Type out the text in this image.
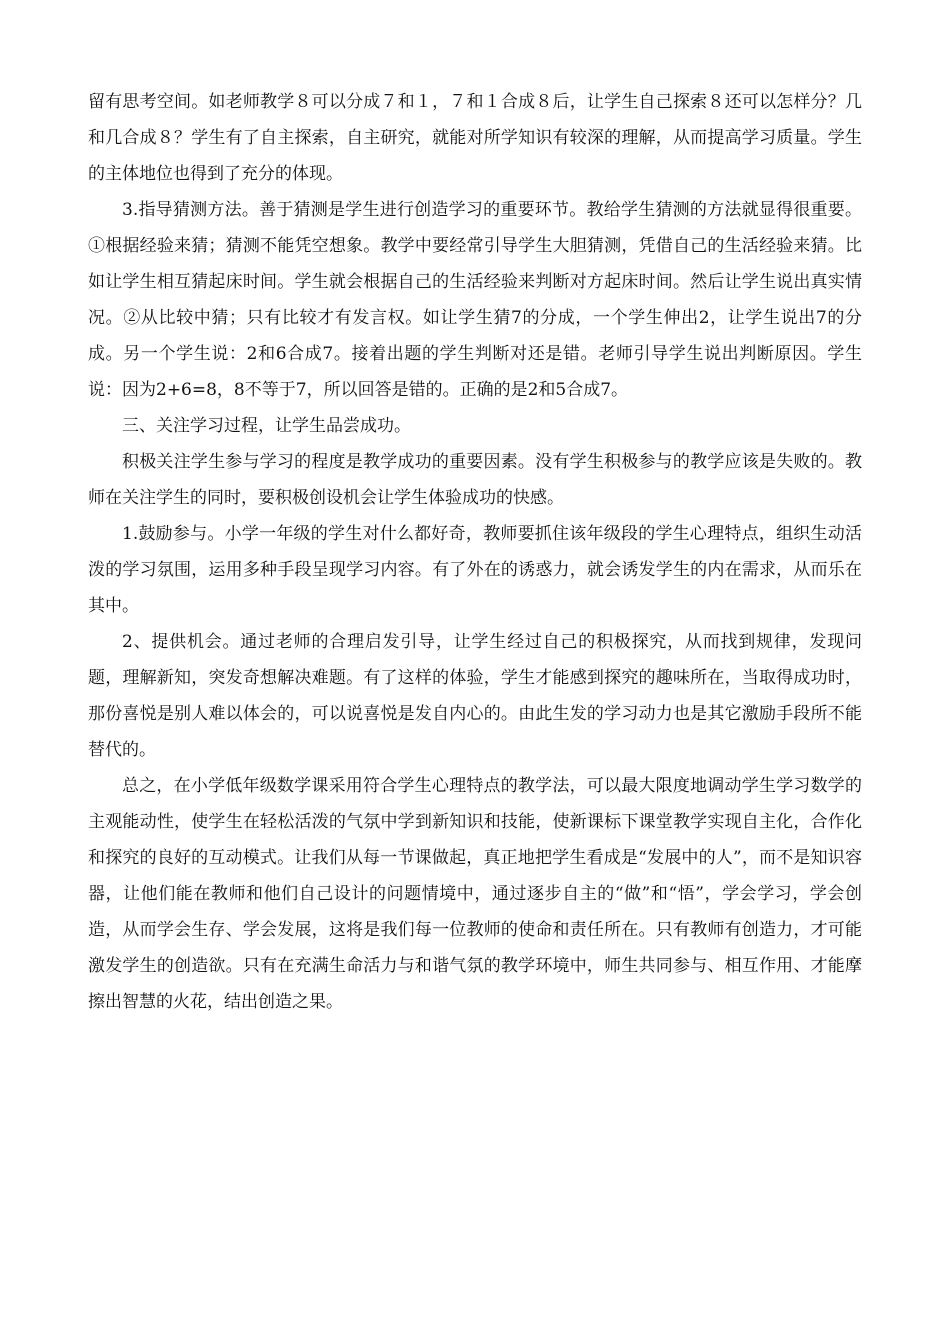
留有思考空间。如老师教学８可以分成７和１，７和１合成８后，让学生自己探索８还可以怎样分？几和几合成８？学生有了自主探索，自主研究，就能对所学知识有较深的理解，从而提高学习质量。学生的主体地位也得到了充分的体现。

3.指导猜测方法。善于猜测是学生进行创造学习的重要环节。教给学生猜测的方法就显得很重要。①根据经验来猜；猜测不能凭空想象。教学中要经常引导学生大胆猜测，凭借自己的生活经验来猜。比如让学生相互猜起床时间。学生就会根据自己的生活经验来判断对方起床时间。然后让学生说出真实情况。②从比较中猜；只有比较才有发言权。如让学生猜7的分成，一个学生伸出2，让学生说出7的分成。另一个学生说：2和6合成7。接着出题的学生判断对还是错。老师引导学生说出判断原因。学生说：因为2+6=8，8不等于7，所以回答是错的。正确的是2和5合成7。

三、关注学习过程，让学生品尝成功。

积极关注学生参与学习的程度是教学成功的重要因素。没有学生积极参与的教学应该是失败的。教师在关注学生的同时，要积极创设机会让学生体验成功的快感。

1.鼓励参与。小学一年级的学生对什么都好奇，教师要抓住该年级段的学生心理特点，组织生动活泼的学习氛围，运用多种手段呈现学习内容。有了外在的诱惑力，就会诱发学生的内在需求，从而乐在其中。

2、提供机会。通过老师的合理启发引导，让学生经过自己的积极探究，从而找到规律，发现问题，理解新知，突发奇想解决难题。有了这样的体验，学生才能感到探究的趣味所在，当取得成功时，那份喜悦是别人难以体会的，可以说喜悦是发自内心的。由此生发的学习动力也是其它激励手段所不能替代的。

总之，在小学低年级数学课采用符合学生心理特点的教学法，可以最大限度地调动学生学习数学的主观能动性，使学生在轻松活泼的气氛中学到新知识和技能，使新课标下课堂教学实现自主化，合作化和探究的良好的互动模式。让我们从每一节课做起，真正地把学生看成是“发展中的人”，而不是知识容器，让他们能在教师和他们自己设计的问题情境中，通过逐步自主的“做”和“悟”，学会学习，学会创造，从而学会生存、学会发展，这将是我们每一位教师的使命和责任所在。只有教师有创造力，才可能激发学生的创造欲。只有在充满生命活力与和谐气氛的教学环境中，师生共同参与、相互作用、才能摩擦出智慧的火花，结出创造之果。
